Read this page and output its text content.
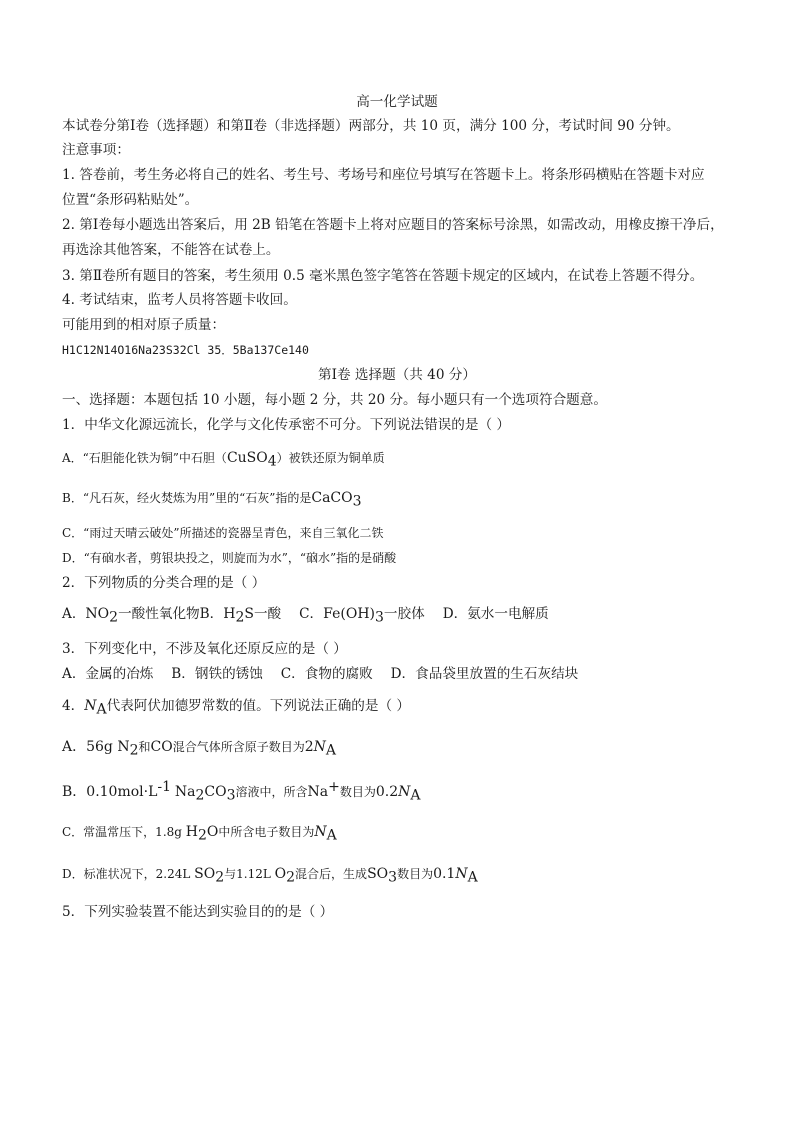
高一化学试题
本试卷分第Ⅰ卷（选择题）和第Ⅱ卷（非选择题）两部分，共 10 页，满分 100 分，考试时间 90 分钟。
注意事项：
1. 答卷前，考生务必将自己的姓名、考生号、考场号和座位号填写在答题卡上。将条形码横贴在答题卡对应
位置“条形码粘贴处”。
2. 第Ⅰ卷每小题选出答案后，用 2B 铅笔在答题卡上将对应题目的答案标号涂黑，如需改动，用橡皮擦干净后，
再选涂其他答案，不能答在试卷上。
3. 第Ⅱ卷所有题目的答案，考生须用 0.5 毫米黑色签字笔答在答题卡规定的区域内，在试卷上答题不得分。
4. 考试结束，监考人员将答题卡收回。
可能用到的相对原子质量：
H1C12N14O16Na23S32Cl 35．5Ba137Ce140
第Ⅰ卷 选择题（共 40 分）
一、选择题：本题包括 10 小题，每小题 2 分，共 20 分。每小题只有一个选项符合题意。
1．中华文化源远流长，化学与文化传承密不可分。下列说法错误的是（ ）
A．“石胆能化铁为铜”中石胆（CuSO$_4$）被铁还原为铜单质
B．“凡石灰，经火焚炼为用”里的“石灰”指的是CaCO$_3$
C．“雨过天晴云破处”所描述的瓷器呈青色，来自三氧化二铁
D．“有硇水者，剪银块投之，则旋而为水”，“硇水”指的是硝酸
2．下列物质的分类合理的是（ ）
A．$NO_2$一酸性氧化物B．$H_2S$一酸 C．$Fe(OH)_3$一胶体 D．氨水一电解质
3．下列变化中，不涉及氧化还原反应的是（ ）
A．金属的冶炼　 B．钢铁的锈蚀　 C．食物的腐败　 D．食品袋里放置的生石灰结块
4．$N_A$代表阿伏加德罗常数的值。下列说法正确的是（ ）
A．56g $N_2$和CO混合气体所含原子数目为$2N_A$
B．$0.10mol\cdot L^{-1}$ $Na_2CO_3$溶液中，所含Na+数目为$0.2N_A$
C．常温常压下，1.8g $H_2O$中所含电子数目为$N_A$
D．标准状况下，2.24L $SO_2$与1.12L $O_2$混合后，生成$SO_3$数目为$0.1N_A$
5．下列实验装置不能达到实验目的的是（ ）
